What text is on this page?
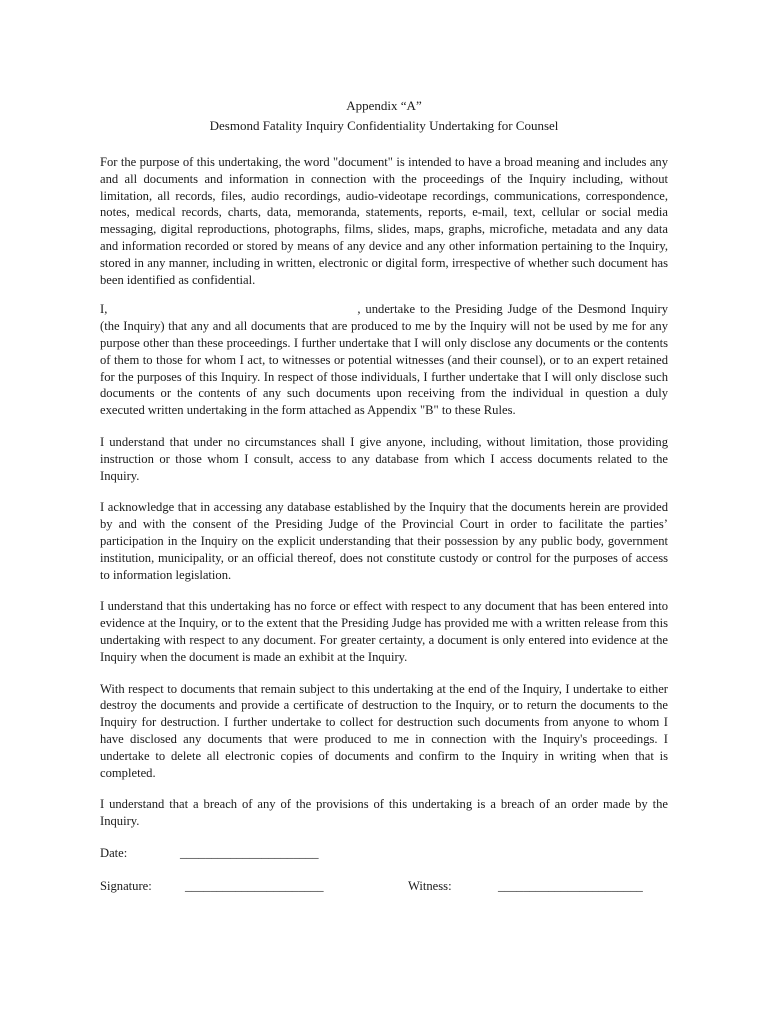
Appendix “A”

Desmond Fatality Inquiry Confidentiality Undertaking for Counsel

For the purpose of this undertaking, the word "document" is intended to have a broad meaning and includes any and all documents and information in connection with the proceedings of the Inquiry including, without limitation, all records, files, audio recordings, audio-videotape recordings, communications, correspondence, notes, medical records, charts, data, memoranda, statements, reports, e-mail, text, cellular or social media messaging, digital reproductions, photographs, films, slides, maps, graphs, microfiche, metadata and any data and information recorded or stored by means of any device and any other information pertaining to the Inquiry, stored in any manner, including in written, electronic or digital form, irrespective of whether such document has been identified as confidential.

I,	, undertake to the Presiding Judge of the Desmond Inquiry (the Inquiry) that any and all documents that are produced to me by the Inquiry will not be used by me for any purpose other than these proceedings. I further undertake that I will only disclose any documents or the contents of them to those for whom I act, to witnesses or potential witnesses (and their counsel), or to an expert retained for the purposes of this Inquiry. In respect of those individuals, I further undertake that I will only disclose such documents or the contents of any such documents upon receiving from the individual in question a duly executed written undertaking in the form attached as Appendix "B" to these Rules.

I understand that under no circumstances shall I give anyone, including, without limitation, those providing instruction or those whom I consult, access to any database from which I access documents related to the Inquiry.

I acknowledge that in accessing any database established by the Inquiry that the documents herein are provided by and with the consent of the Presiding Judge of the Provincial Court in order to facilitate the parties’ participation in the Inquiry on the explicit understanding that their possession by any public body, government institution, municipality, or an official thereof, does not constitute custody or control for the purposes of access to information legislation.

I understand that this undertaking has no force or effect with respect to any document that has been entered into evidence at the Inquiry, or to the extent that the Presiding Judge has provided me with a written release from this undertaking with respect to any document. For greater certainty, a document is only entered into evidence at the Inquiry when the document is made an exhibit at the Inquiry.

With respect to documents that remain subject to this undertaking at the end of the Inquiry, I undertake to either destroy the documents and provide a certificate of destruction to the Inquiry, or to return the documents to the Inquiry for destruction. I further undertake to collect for destruction such documents from anyone to whom I have disclosed any documents that were produced to me in connection with the Inquiry's proceedings. I undertake to delete all electronic copies of documents and confirm to the Inquiry in writing when that is completed.

I understand that a breach of any of the provisions of this undertaking is a breach of an order made by the Inquiry.

Date:	______________________
Signature:	______________________	Witness:	_______________________
